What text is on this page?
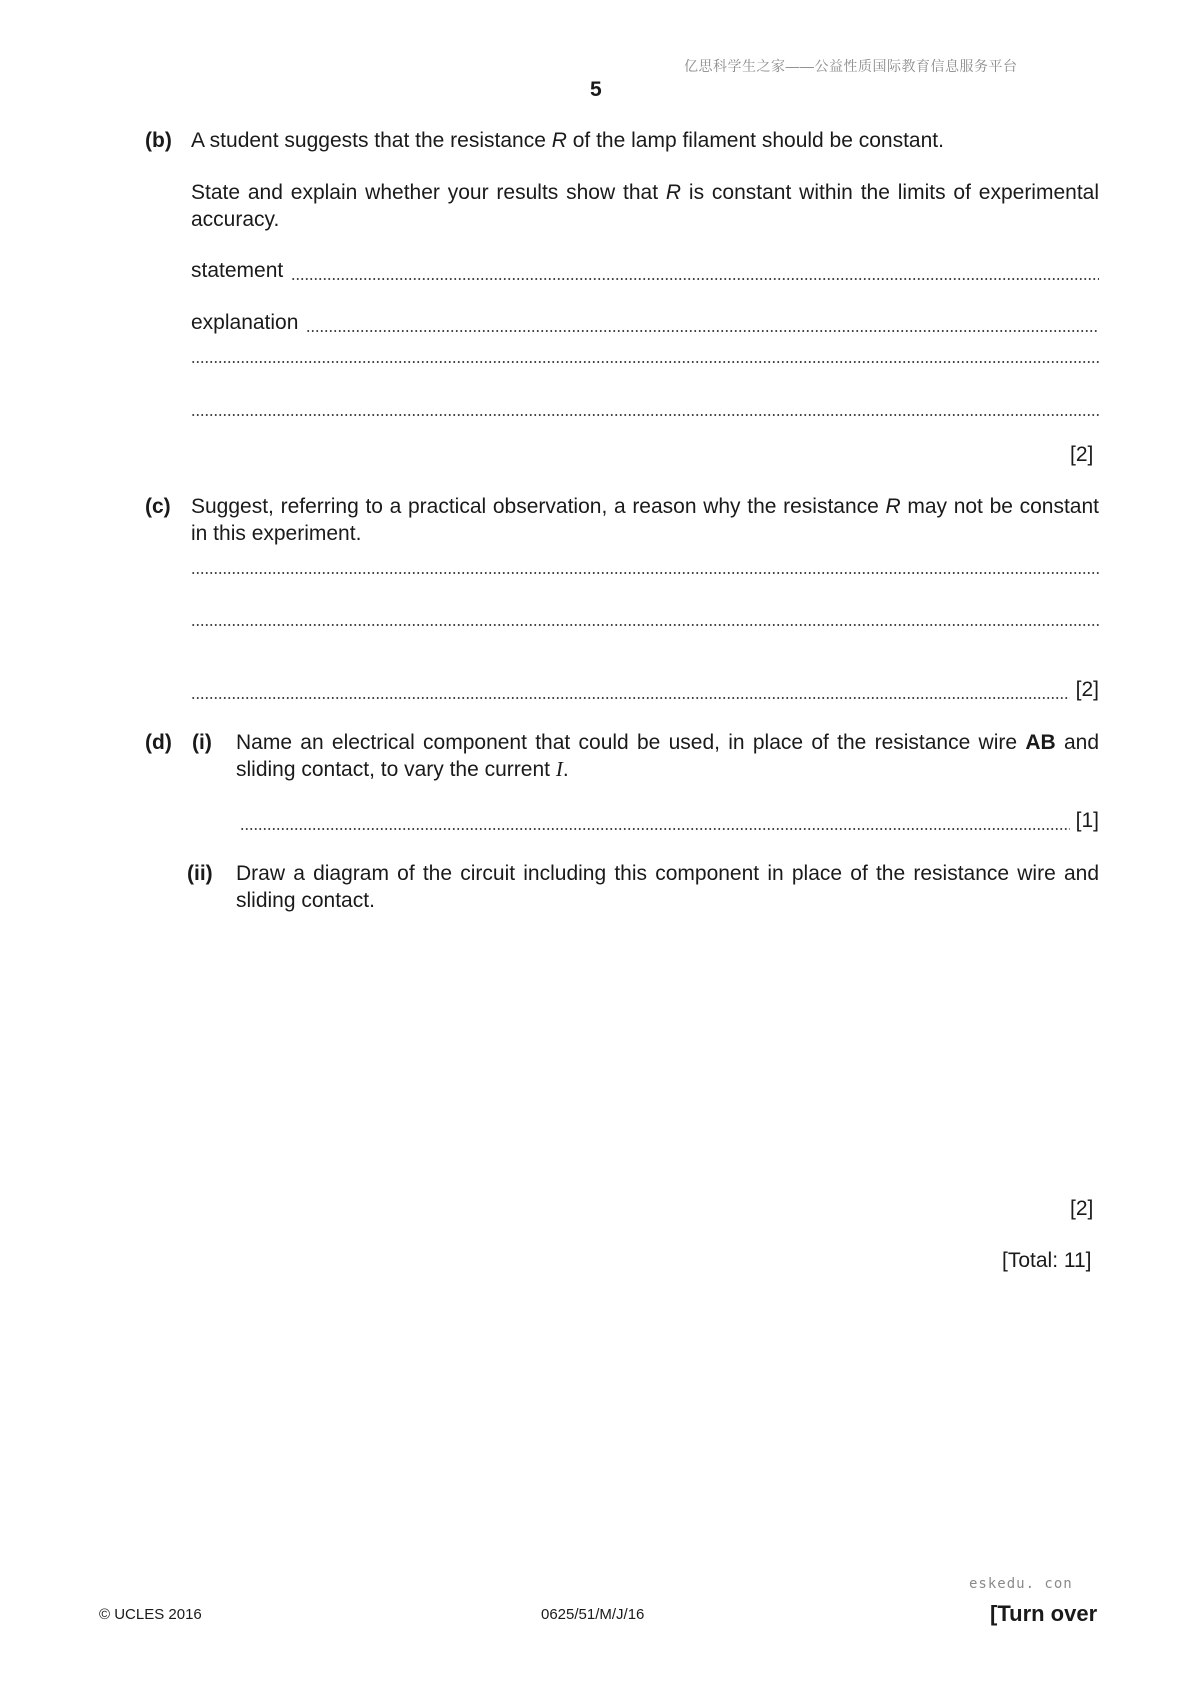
亿思科学生之家——公益性质国际教育信息服务平台
5
(b) A student suggests that the resistance R of the lamp filament should be constant.
State and explain whether your results show that R is constant within the limits of experimental accuracy.
statement
explanation
[2]
(c) Suggest, referring to a practical observation, a reason why the resistance R may not be constant in this experiment.
[2]
(d) (i) Name an electrical component that could be used, in place of the resistance wire AB and sliding contact, to vary the current I.
[1]
(ii) Draw a diagram of the circuit including this component in place of the resistance wire and sliding contact.
[2]
[Total: 11]
eskedu. con
© UCLES 2016	0625/51/M/J/16	[Turn over
